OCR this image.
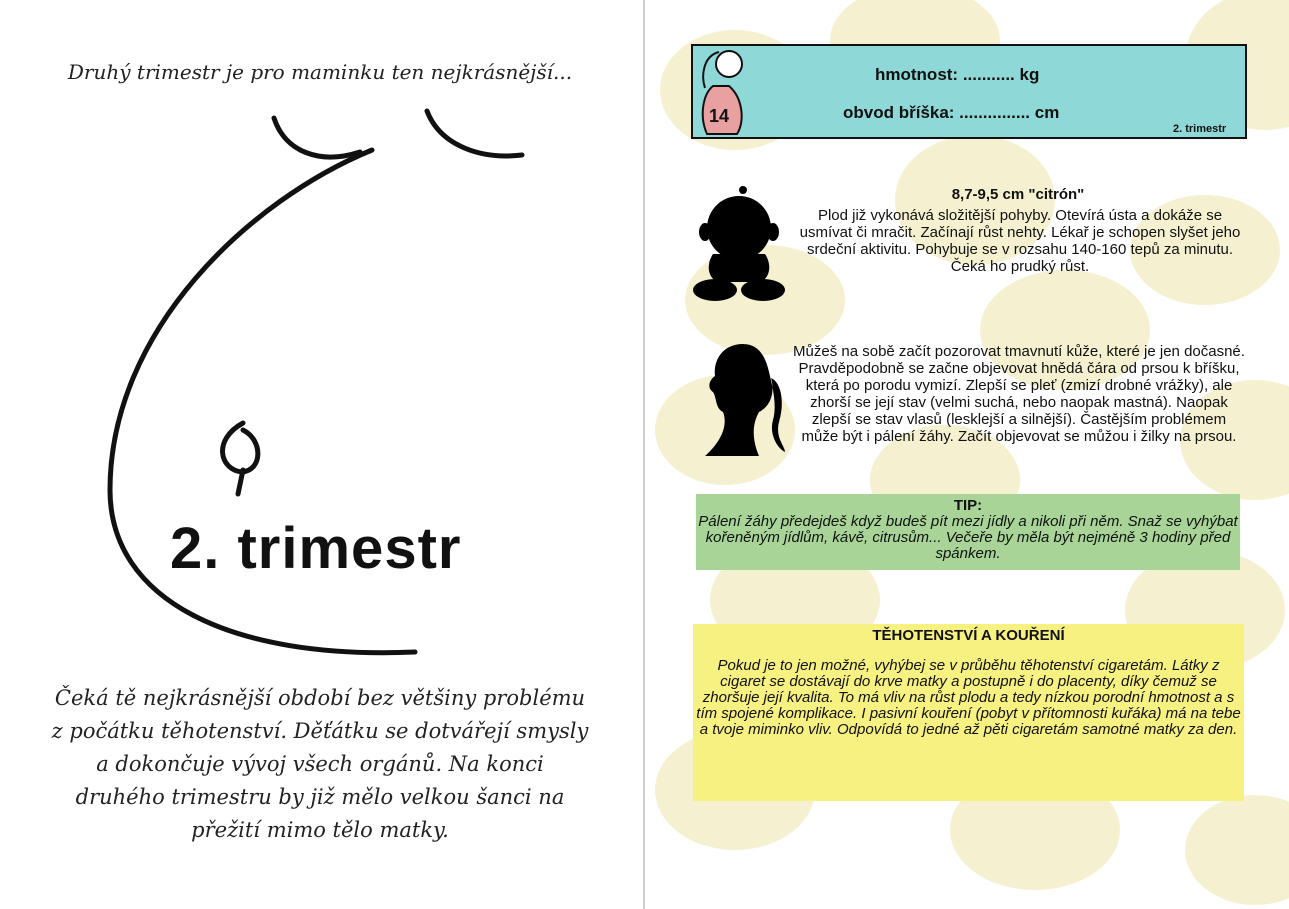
Druhý trimestr je pro maminku ten nejkrásnější...
2. trimestr
Čeká tě nejkrásnější období bez většiny problému z počátku těhotenství. Děťátku se dotvářejí smysly a dokončuje vývoj všech orgánů. Na konci druhého trimestru by již mělo velkou šanci na přežití mimo tělo matky.
14
hmotnost: ........... kg
obvod bříška: ............... cm
2. trimestr
8,7-9,5 cm "citrón"
Plod již vykonává složitější pohyby. Otevírá ústa a dokáže se usmívat či mračit. Začínají růst nehty. Lékař je schopen slyšet jeho srdeční aktivitu. Pohybuje se v rozsahu 140-160 tepů za minutu. Čeká ho prudký růst.
Můžeš na sobě začít pozorovat tmavnutí kůže, které je jen dočasné. Pravděpodobně se začne objevovat hnědá čára od prsou k bříšku, která po porodu vymizí. Zlepší se pleť (zmizí drobné vrážky), ale zhorší se její stav (velmi suchá, nebo naopak mastná). Naopak zlepší se stav vlasů (lesklejší a silnější). Častějším problémem může být i pálení žáhy. Začít objevovat se můžou i žilky na prsou.
TIP:
Pálení žáhy předejdeš když budeš pít mezi jídly a nikoli při něm. Snaž se vyhýbat kořeněným jídlům, kávě, citrusům... Večeře by měla být nejméně 3 hodiny před spánkem.
TĚHOTENSTVÍ A KOUŘENÍ
Pokud je to jen možné, vyhýbej se v průběhu těhotenství cigaretám. Látky z cigaret se dostávají do krve matky a postupně i do placenty, díky čemuž se zhoršuje její kvalita. To má vliv na růst plodu a tedy nízkou porodní hmotnost a s tím spojené komplikace. I pasivní kouření (pobyt v přítomnosti kuřáka) má na tebe a tvoje miminko vliv. Odpovídá to jedné až pěti cigaretám samotné matky za den.
